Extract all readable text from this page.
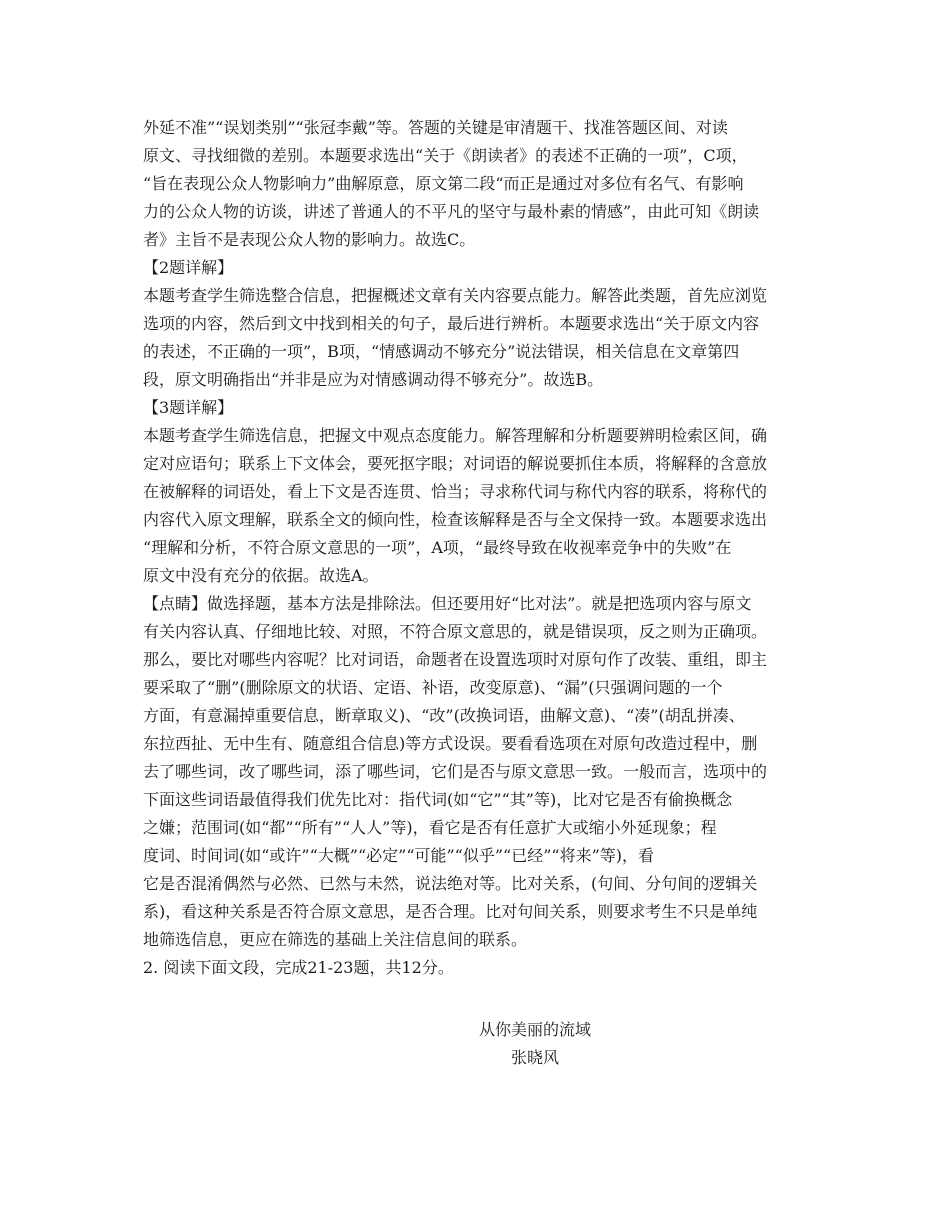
外延不准”“误划类别”“张冠李戴”等。答题的关键是审清题干、找准答题区间、对读
原文、寻找细微的差别。本题要求选出“关于《朗读者》的表述不正确的一项”，C项，
“旨在表现公众人物影响力”曲解原意，原文第二段“而正是通过对多位有名气、有影响
力的公众人物的访谈，讲述了普通人的不平凡的坚守与最朴素的情感”，由此可知《朗读
者》主旨不是表现公众人物的影响力。故选C。
【2题详解】
本题考查学生筛选整合信息，把握概述文章有关内容要点能力。解答此类题，首先应浏览
选项的内容，然后到文中找到相关的句子，最后进行辨析。本题要求选出“关于原文内容
的表述，不正确的一项”，B项，“情感调动不够充分”说法错误，相关信息在文章第四
段，原文明确指出“并非是应为对情感调动得不够充分”。故选B。
【3题详解】
本题考查学生筛选信息，把握文中观点态度能力。解答理解和分析题要辨明检索区间，确
定对应语句；联系上下文体会，要死抠字眼；对词语的解说要抓住本质，将解释的含意放
在被解释的词语处，看上下文是否连贯、恰当；寻求称代词与称代内容的联系，将称代的
内容代入原文理解，联系全文的倾向性，检查该解释是否与全文保持一致。本题要求选出
“理解和分析，不符合原文意思的一项”，A项，“最终导致在收视率竞争中的失败”在
原文中没有充分的依据。故选A。
【点睛】做选择题，基本方法是排除法。但还要用好“比对法”。就是把选项内容与原文
有关内容认真、仔细地比较、对照，不符合原文意思的，就是错误项，反之则为正确项。
那么，要比对哪些内容呢？比对词语，命题者在设置选项时对原句作了改装、重组，即主
要采取了“删”(删除原文的状语、定语、补语，改变原意)、“漏”(只强调问题的一个
方面，有意漏掉重要信息，断章取义)、“改”(改换词语，曲解文意)、“凑”(胡乱拼凑、
东拉西扯、无中生有、随意组合信息)等方式设误。要看看选项在对原句改造过程中，删
去了哪些词，改了哪些词，添了哪些词，它们是否与原文意思一致。一般而言，选项中的
下面这些词语最值得我们优先比对：指代词(如“它”“其”等)，比对它是否有偷换概念
之嫌；范围词(如“都”“所有”“人人”等)，看它是否有任意扩大或缩小外延现象；程
度词、时间词(如“或许”“大概”“必定”“可能”“似乎”“已经”“将来”等)，看
它是否混淆偶然与必然、已然与未然，说法绝对等。比对关系，(句间、分句间的逻辑关
系)，看这种关系是否符合原文意思，是否合理。比对句间关系，则要求考生不只是单纯
地筛选信息，更应在筛选的基础上关注信息间的联系。
2. 阅读下面文段，完成21-23题，共12分。
从你美丽的流域
张晓风
